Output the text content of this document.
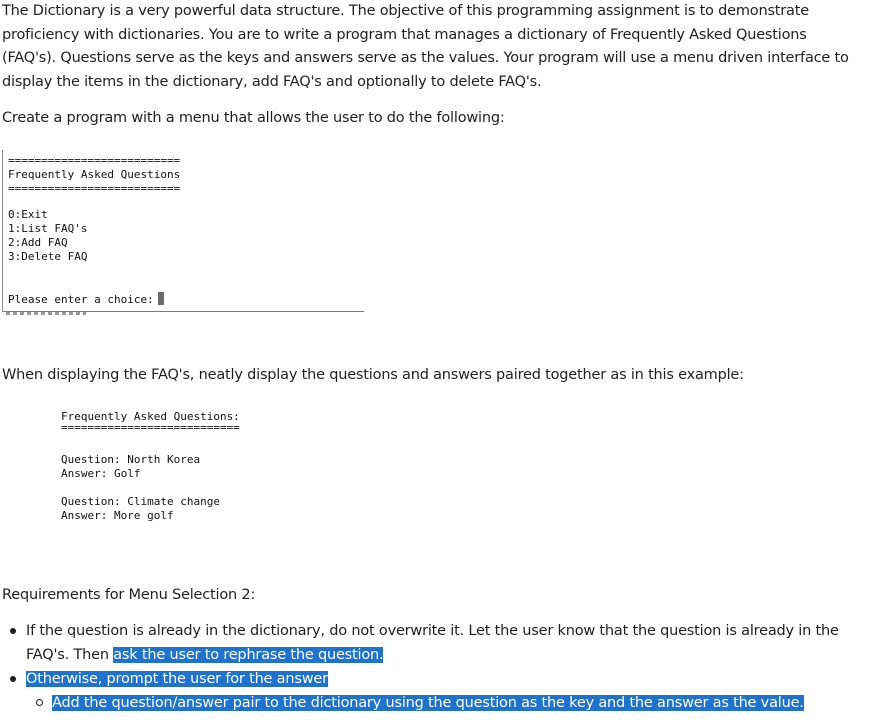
The Dictionary is a very powerful data structure. The objective of this programming assignment is to demonstrate proficiency with dictionaries. You are to write a program that manages a dictionary of Frequently Asked Questions (FAQ's). Questions serve as the keys and answers serve as the values. Your program will use a menu driven interface to display the items in the dictionary, add FAQ's and optionally to delete FAQ's.

Create a program with a menu that allows the user to do the following:

==========================
Frequently Asked Questions
==========================
0:Exit
1:List FAQ's
2:Add FAQ
3:Delete FAQ
Please enter a choice:

When displaying the FAQ's, neatly display the questions and answers paired together as in this example:

Frequently Asked Questions:
===========================
Question: North Korea
Answer: Golf
Question: Climate change
Answer: More golf

Requirements for Menu Selection 2:

If the question is already in the dictionary, do not overwrite it. Let the user know that the question is already in the FAQ's. Then ask the user to rephrase the question.
Otherwise, prompt the user for the answer
Add the question/answer pair to the dictionary using the question as the key and the answer as the value.
